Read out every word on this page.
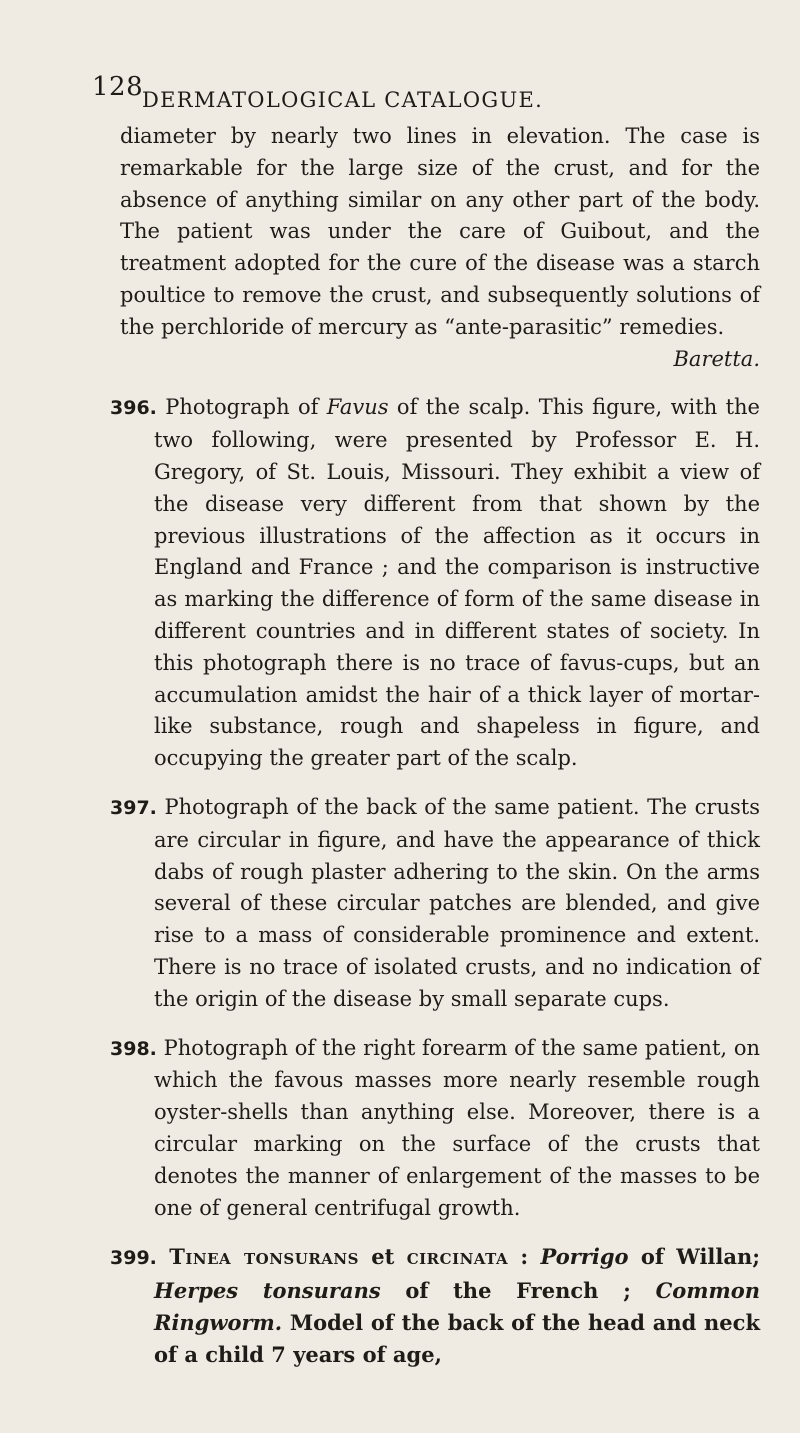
128
DERMATOLOGICAL CATALOGUE.

diameter by nearly two lines in elevation. The case is remarkable for the large size of the crust, and for the absence of anything similar on any other part of the body. The patient was under the care of Guibout, and the treatment adopted for the cure of the disease was a starch poultice to remove the crust, and subsequently solutions of the perchloride of mercury as “ante-parasitic” remedies.

Baretta.

396. Photograph of Favus of the scalp. This figure, with the two following, were presented by Professor E. H. Gregory, of St. Louis, Missouri. They exhibit a view of the disease very different from that shown by the previous illustrations of the affection as it occurs in England and France ; and the comparison is instructive as marking the difference of form of the same disease in different countries and in different states of society. In this photograph there is no trace of favus-cups, but an accumulation amidst the hair of a thick layer of mortar-like substance, rough and shapeless in figure, and occupying the greater part of the scalp.

397. Photograph of the back of the same patient. The crusts are circular in figure, and have the appearance of thick dabs of rough plaster adhering to the skin. On the arms several of these circular patches are blended, and give rise to a mass of considerable prominence and extent. There is no trace of isolated crusts, and no indication of the origin of the disease by small separate cups.

398. Photograph of the right forearm of the same patient, on which the favous masses more nearly resemble rough oyster-shells than anything else. Moreover, there is a circular marking on the surface of the crusts that denotes the manner of enlargement of the masses to be one of general centrifugal growth.

399. Tinea tonsurans et circinata : Porrigo of Willan; Herpes tonsurans of the French ; Common Ringworm. Model of the back of the head and neck of a child 7 years of age,
